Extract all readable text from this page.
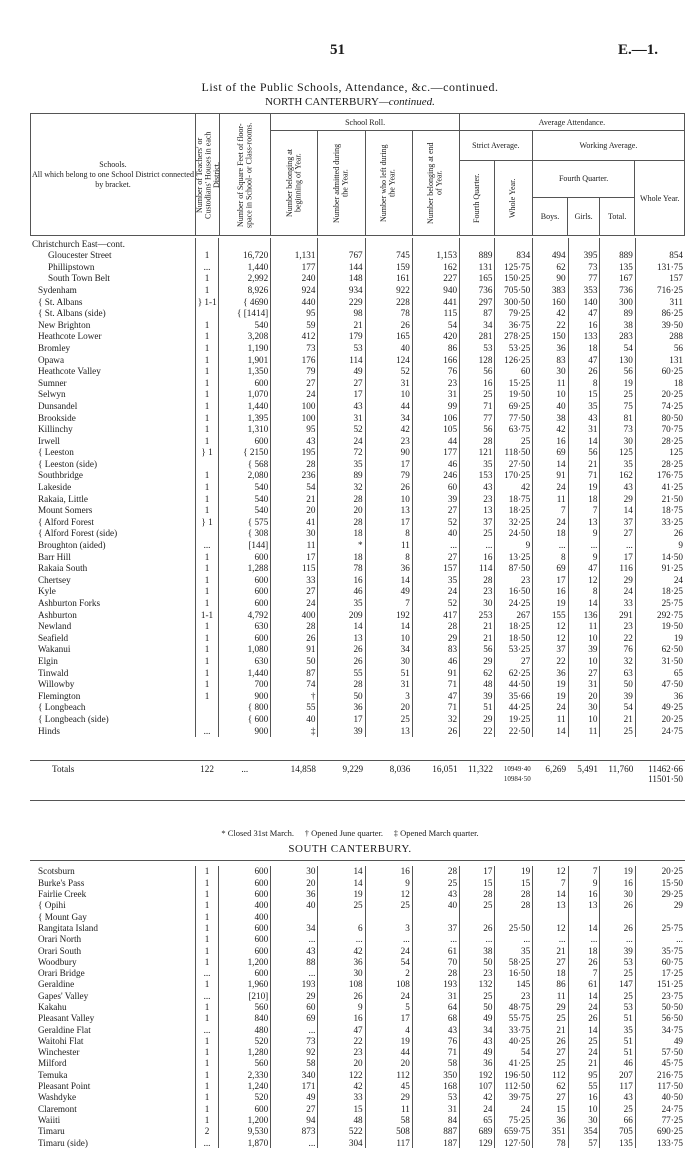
51	E.—1.
List of the Public Schools, Attendance, &c.—continued.
NORTH CANTERBURY—continued.
Schools.
All which belong to one School District connected by bracket.	Number of Teachers' or Custodians' Houses in each District.	Number of Square Feet of floor-space in School- or Class-rooms.	School Roll.				Average Attendance.			

			Number belonging at beginning of Year.	Number admitted during the Year.	Number who left during the Year.	Number belonging at end of Year.	Strict Average.		Working Average.	

							Fourth Quarter.	Whole Year.	Fourth Quarter.
Boys. Girls. Total.	Whole Year.
Christchurch East—cont.												
Gloucester Street	1	16,720	1,131	767	745	1,153	889	834	494	395	889	854
Phillipstown	...	1,440	177	144	159	162	131	125·75	62	73	135	131·75
South Town Belt	1	2,992	240	148	161	227	165	150·25	90	77	167	157
Sydenham	1	8,926	924	934	922	940	736	705·50	383	353	736	716·25
{ St. Albans	} 1-1	{ 4690	440	229	228	441	297	300·50	160	140	300	311
{ St. Albans (side)		{ [1414]	95	98	78	115	87	79·25	42	47	89	86·25
New Brighton	1	540	59	21	26	54	34	36·75	22	16	38	39·50
Heathcote Lower	1	3,208	412	179	165	420	281	278·25	150	133	283	288
Bromley	1	1,190	73	53	40	86	53	53·25	36	18	54	56
Opawa	1	1,901	176	114	124	166	128	126·25	83	47	130	131
Heathcote Valley	1	1,350	79	49	52	76	56	60	30	26	56	60·25
Sumner	1	600	27	27	31	23	16	15·25	11	8	19	18
Selwyn	1	1,070	24	17	10	31	25	19·50	10	15	25	20·25
Dunsandel	1	1,440	100	43	44	99	71	69·25	40	35	75	74·25
Brookside	1	1,395	100	31	34	106	77	77·50	38	43	81	80·50
Killinchy	1	1,310	95	52	42	105	56	63·75	42	31	73	70·75
Irwell	1	600	43	24	23	44	28	25	16	14	30	28·25
{ Leeston	} 1	{ 2150	195	72	90	177	121	118·50	69	56	125	125
{ Leeston (side)		{ 568	28	35	17	46	35	27·50	14	21	35	28·25
Southbridge	1	2,080	236	89	79	246	153	170·25	91	71	162	176·75
Lakeside	1	540	54	32	26	60	43	42	24	19	43	41·25
Rakaia, Little	1	540	21	28	10	39	23	18·75	11	18	29	21·50
Mount Somers	1	540	20	20	13	27	13	18·25	7	7	14	18·75
{ Alford Forest	} 1	{ 575	41	28	17	52	37	32·25	24	13	37	33·25
{ Alford Forest (side)		{ 308	30	18	8	40	25	24·50	18	9	27	26
Broughton (aided)	...	[144]	11	*	11	...	...	9	...	...	...	9
Barr Hill	1	600	17	18	8	27	16	13·25	8	9	17	14·50
Rakaia South	1	1,288	115	78	36	157	114	87·50	69	47	116	91·25
Chertsey	1	600	33	16	14	35	28	23	17	12	29	24
Kyle	1	600	27	46	49	24	23	16·50	16	8	24	18·25
Ashburton Forks	1	600	24	35	7	52	30	24·25	19	14	33	25·75
Ashburton	1-1	4,792	400	209	192	417	253	267	155	136	291	292·75
Newland	1	630	28	14	14	28	21	18·25	12	11	23	19·50
Seafield	1	600	26	13	10	29	21	18·50	12	10	22	19
Wakanui	1	1,080	91	26	34	83	56	53·25	37	39	76	62·50
Elgin	1	630	50	26	30	46	29	27	22	10	32	31·50
Tinwald	1	1,440	87	55	51	91	62	62·25	36	27	63	65
Willowby	1	700	74	28	31	71	48	44·50	19	31	50	47·50
Flemington	1	900	†	50	3	47	39	35·66	19	20	39	36
{ Longbeach		{ 800	55	36	20	71	51	44·25	24	30	54	49·25
{ Longbeach (side)		{ 600	40	17	25	32	29	19·25	11	10	21	20·25
Hinds	...	900	‡	39	13	26	22	22·50	14	11	25	24·75
Totals	122	...	14,858	9,229	8,036	16,051	11,322	10949·40	6,269	5,491	11,760	11462·66
								10984·50				11501·50
* Closed 31st March. † Opened June quarter. ‡ Opened March quarter.
SOUTH CANTERBURY.
Scotsburn	1	600	30	14	16	28	17	19	12	7	19	20·25
Burke's Pass	1	600	20	14	9	25	15	15	7	9	16	15·50
Fairlie Creek	1	600	36	19	12	43	28	28	14	16	30	29·25
{ Opihi	1	400	40	25	25	40	25	28	13	13	26	29
{ Mount Gay	1	400										
Rangitata Island	1	600	34	6	3	37	26	25·50	12	14	26	25·75
Orari North	1	600	...	...	...	...	...	...	...	...	...	...
Orari South	1	600	43	42	24	61	38	35	21	18	39	35·75
Woodbury	1	1,200	88	36	54	70	50	58·25	27	26	53	60·75
Orari Bridge	...	600	...	30	2	28	23	16·50	18	7	25	17·25
Geraldine	1	1,960	193	108	108	193	132	145	86	61	147	151·25
Gapes' Valley	...	[210]	29	26	24	31	25	23	11	14	25	23·75
Kakahu	1	560	60	9	5	64	50	48·75	29	24	53	50·50
Pleasant Valley	1	840	69	16	17	68	49	55·75	25	26	51	56·50
Geraldine Flat	...	480	...	47	4	43	34	33·75	21	14	35	34·75
Waitohi Flat	1	520	73	22	19	76	43	40·25	26	25	51	49
Winchester	1	1,280	92	23	44	71	49	54	27	24	51	57·50
Milford	1	560	58	20	20	58	36	41·25	25	21	46	45·75
Temuka	1	2,330	340	122	112	350	192	196·50	112	95	207	216·75
Pleasant Point	1	1,240	171	42	45	168	107	112·50	62	55	117	117·50
Washdyke	1	520	49	33	29	53	42	39·75	27	16	43	40·50
Claremont	1	600	27	15	11	31	24	24	15	10	25	24·75
Waiiti	1	1,200	94	48	58	84	65	75·25	36	30	66	77·25
Timaru	2	9,530	873	522	508	887	689	659·75	351	354	705	690·25
Timaru (side)	...	1,870	...	304	117	187	129	127·50	78	57	135	133·75
